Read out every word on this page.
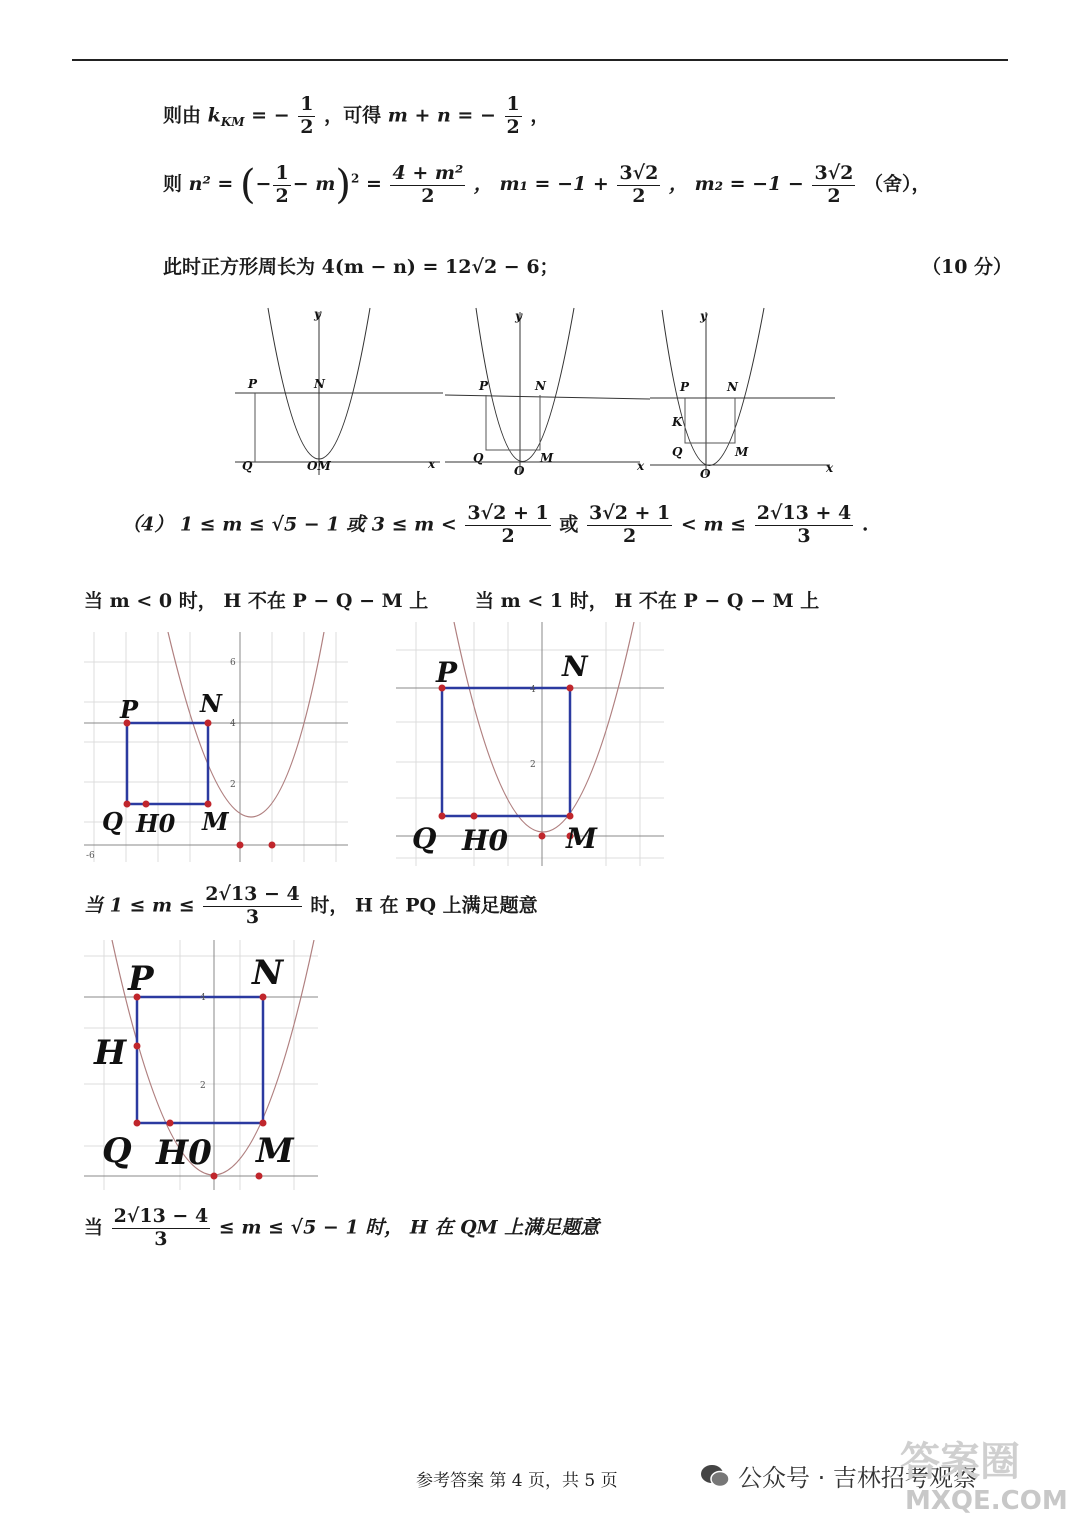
则由 $k_{KM}$ = − $\frac{1}{2}$ ，可得 m + n = − $\frac{1}{2}$ ，
则 n² = (− $\frac{1}{2} - m)^2 = \frac{\text{4 + m²}}{2}$ ， $m_1 = -1 + \frac{3√2}{2}$ ， $m_2 = -1 - \frac{3√2}{2}$ （舍），
此时正方形周长为 4(m − n) = 12√2 − 6；	（10 分）
y
x
P	N
Q	OM
y
x
P	N
Q
O
M
y
x
P	N
K
Q
O
M
（4） 1 ≤ m ≤ √5 − 1 或 $3 \le m < \frac{3√2 + 1}{2}$ 或 $\frac{3√2 + 1}{2} < m \le \frac{2√13 + 4}{3}$ .
当 m < 0 时， H 不在 P − Q − M 上 当 m < 1 时， H 不在 P − Q − M 上
6
4
2
-6
P	N
Q H0 M
4
2
P	N
Q H0 M
当 $1 \le m \le \frac{2√13 - 4}{3}$ 时， H 在 PQ 上满足题意
4
2
P	N
H
Q H0 M
当 $\frac{2√13 - 4}{3} \le m \le √5 - 1$ 时， H 在 QM 上满足题意
参考答案 第 4 页，共 5 页	公众号 · 吉林招考观察
答案圈
MXQE.COM
